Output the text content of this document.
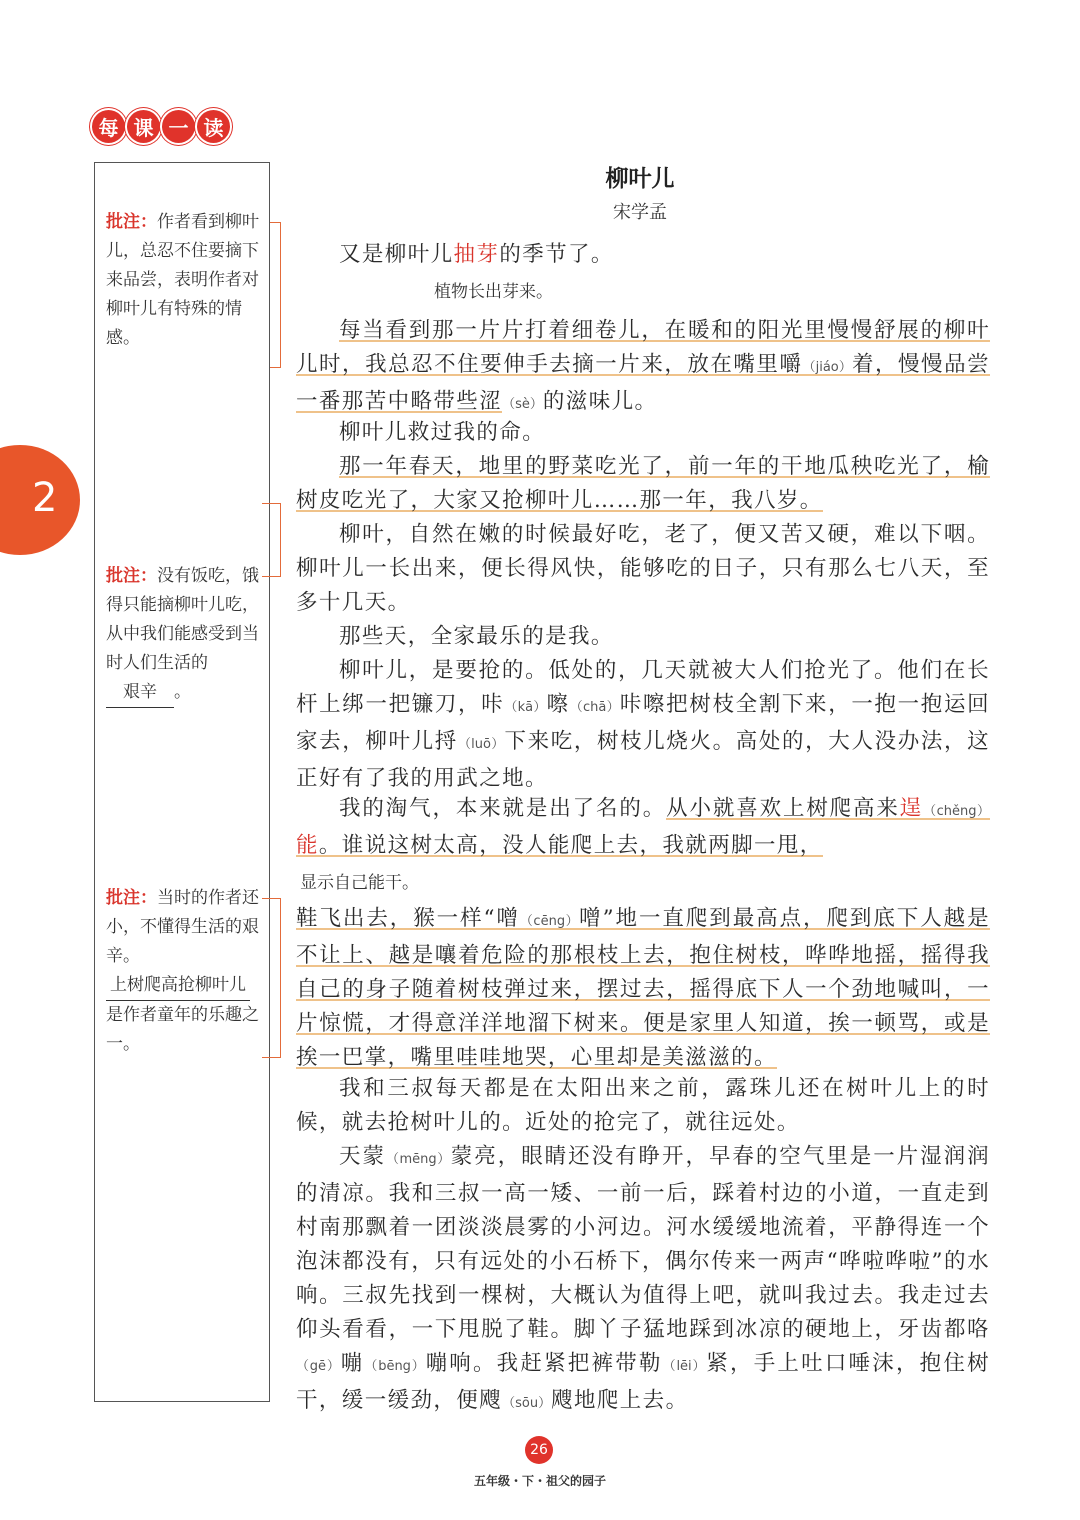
每 课 一 读
2
批注：作者看到柳叶儿，总忍不住要摘下来品尝，表明作者对柳叶儿有特殊的情感。
批注：没有饭吃，饿得只能摘柳叶儿吃，从中我们能感受到当时人们生活的艰辛 。
批注：当时的作者还小，不懂得生活的艰辛。上树爬高抢柳叶儿是作者童年的乐趣之一。
柳叶儿
宋学孟
又是柳叶儿抽芽的季节了。
植物长出芽来。
每当看到那一片片打着细卷儿，在暖和的阳光里慢慢舒展的柳叶儿时，我总忍不住要伸手去摘一片来，放在嘴里嚼（jiáo）着，慢慢品尝一番那苦中略带些涩（sè）的滋味儿。
柳叶儿救过我的命。
那一年春天，地里的野菜吃光了，前一年的干地瓜秧吃光了，榆树皮吃光了，大家又抢柳叶儿……那一年，我八岁。
柳叶，自然在嫩的时候最好吃，老了，便又苦又硬，难以下咽。柳叶儿一长出来，便长得风快，能够吃的日子，只有那么七八天，至多十几天。
那些天，全家最乐的是我。
柳叶儿，是要抢的。低处的，几天就被大人们抢光了。他们在长杆上绑一把镰刀，咔（kā）嚓（chā）咔嚓把树枝全割下来，一抱一抱运回家去，柳叶儿捋（luō）下来吃，树枝儿烧火。高处的，大人没办法，这正好有了我的用武之地。
我的淘气，本来就是出了名的。从小就喜欢上树爬高来逞（chěng）能。谁说这树太高，没人能爬上去，我就两脚一甩，
显示自己能干。
鞋飞出去，猴一样“噌（cēng）噌”地一直爬到最高点，爬到底下人越是不让上、越是嚷着危险的那根枝上去，抱住树枝，哗哗地摇，摇得我自己的身子随着树枝弹过来，摆过去，摇得底下人一个劲地喊叫，一片惊慌，才得意洋洋地溜下树来。便是家里人知道，挨一顿骂，或是挨一巴掌，嘴里哇哇地哭，心里却是美滋滋的。
我和三叔每天都是在太阳出来之前，露珠儿还在树叶儿上的时候，就去抢树叶儿的。近处的抢完了，就往远处。
天蒙（mēng）蒙亮，眼睛还没有睁开，早春的空气里是一片湿润润的清凉。我和三叔一高一矮、一前一后，踩着村边的小道，一直走到村南那飘着一团淡淡晨雾的小河边。河水缓缓地流着，平静得连一个泡沫都没有，只有远处的小石桥下，偶尔传来一两声“哗啦哗啦”的水响。三叔先找到一棵树，大概认为值得上吧，就叫我过去。我走过去仰头看看，一下甩脱了鞋。脚丫子猛地踩到冰凉的硬地上，牙齿都咯（gē）嘣（bēng）嘣响。我赶紧把裤带勒（lēi）紧，手上吐口唾沫，抱住树干，缓一缓劲，便飕（sōu）飕地爬上去。
26
五年级・下・祖父的园子
